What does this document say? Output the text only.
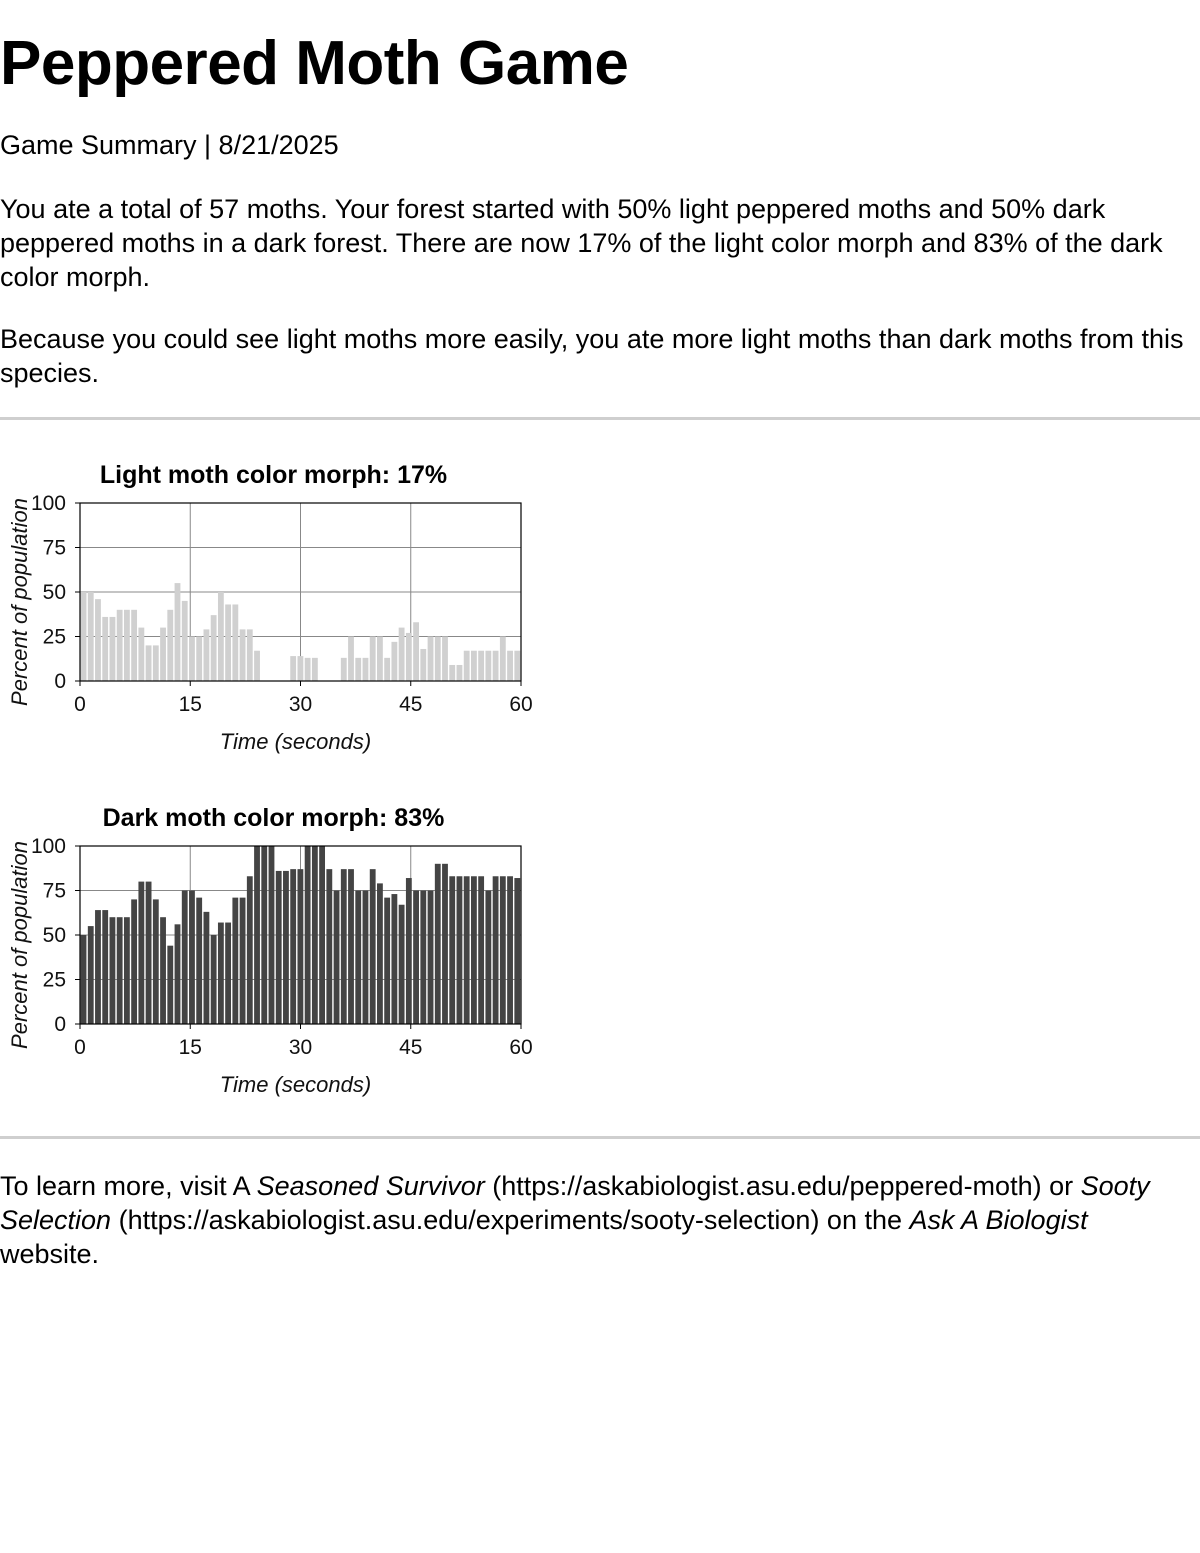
Peppered Moth Game

Game Summary | 8/21/2025

You ate a total of 57 moths. Your forest started with 50% light peppered moths and 50% dark peppered moths in a dark forest. There are now 17% of the light color morph and 83% of the dark color morph.

Because you could see light moths more easily, you ate more light moths than dark moths from this species.

Light moth color morph: 17%
0
25
50
75
100
0	15	30	45	60
Time (seconds)
Percent of population
Dark moth color morph: 83%
0
25
50
75
100
0	15	30	45	60
Time (seconds)
Percent of population

To learn more, visit A Seasoned Survivor (https://askabiologist.asu.edu/peppered-moth) or Sooty Selection (https://askabiologist.asu.edu/experiments/sooty-selection) on the Ask A Biologist website.
